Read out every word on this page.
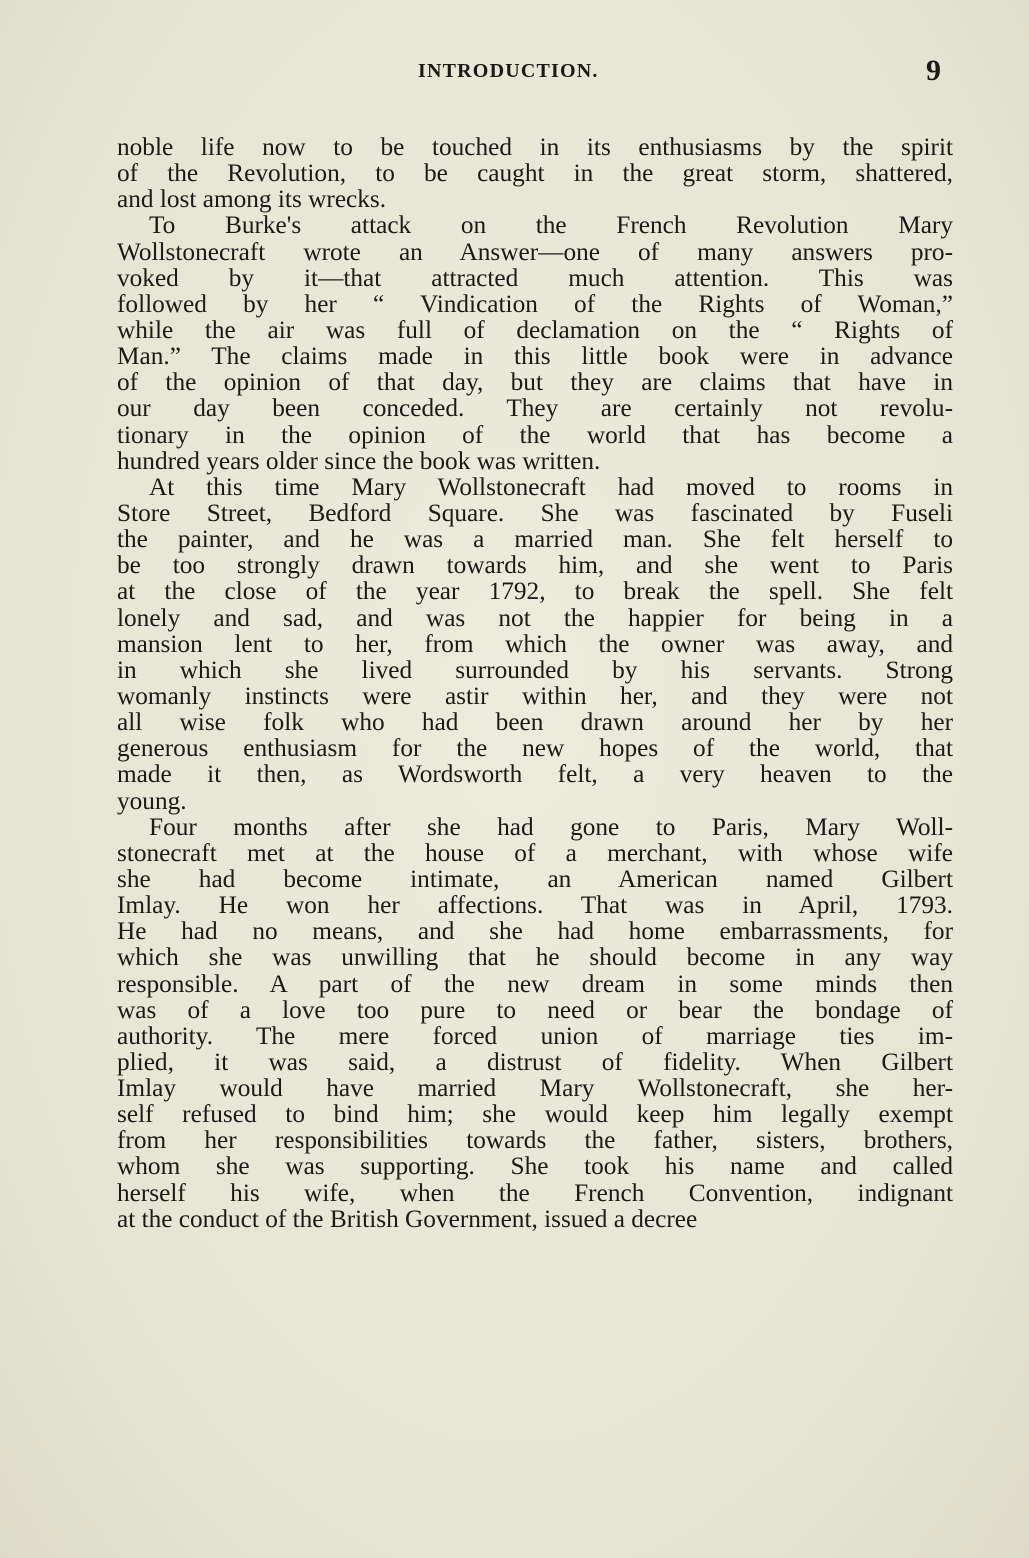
INTRODUCTION.	9
noble life now to be touched in its enthusiasms by the spirit
of the Revolution, to be caught in the great storm, shattered,
and lost among its wrecks.
To Burke's attack on the French Revolution Mary
Wollstonecraft wrote an Answer—one of many answers pro-
voked by it—that attracted much attention. This was
followed by her “ Vindication of the Rights of Woman,”
while the air was full of declamation on the “ Rights of
Man.” The claims made in this little book were in advance
of the opinion of that day, but they are claims that have in
our day been conceded. They are certainly not revolu-
tionary in the opinion of the world that has become a
hundred years older since the book was written.
At this time Mary Wollstonecraft had moved to rooms in
Store Street, Bedford Square. She was fascinated by Fuseli
the painter, and he was a married man. She felt herself to
be too strongly drawn towards him, and she went to Paris
at the close of the year 1792, to break the spell. She felt
lonely and sad, and was not the happier for being in a
mansion lent to her, from which the owner was away, and
in which she lived surrounded by his servants. Strong
womanly instincts were astir within her, and they were not
all wise folk who had been drawn around her by her
generous enthusiasm for the new hopes of the world, that
made it then, as Wordsworth felt, a very heaven to the
young.
Four months after she had gone to Paris, Mary Woll-
stonecraft met at the house of a merchant, with whose wife
she had become intimate, an American named Gilbert
Imlay. He won her affections. That was in April, 1793.
He had no means, and she had home embarrassments, for
which she was unwilling that he should become in any way
responsible. A part of the new dream in some minds then
was of a love too pure to need or bear the bondage of
authority. The mere forced union of marriage ties im-
plied, it was said, a distrust of fidelity. When Gilbert
Imlay would have married Mary Wollstonecraft, she her-
self refused to bind him; she would keep him legally exempt
from her responsibilities towards the father, sisters, brothers,
whom she was supporting. She took his name and called
herself his wife, when the French Convention, indignant
at the conduct of the British Government, issued a decree
